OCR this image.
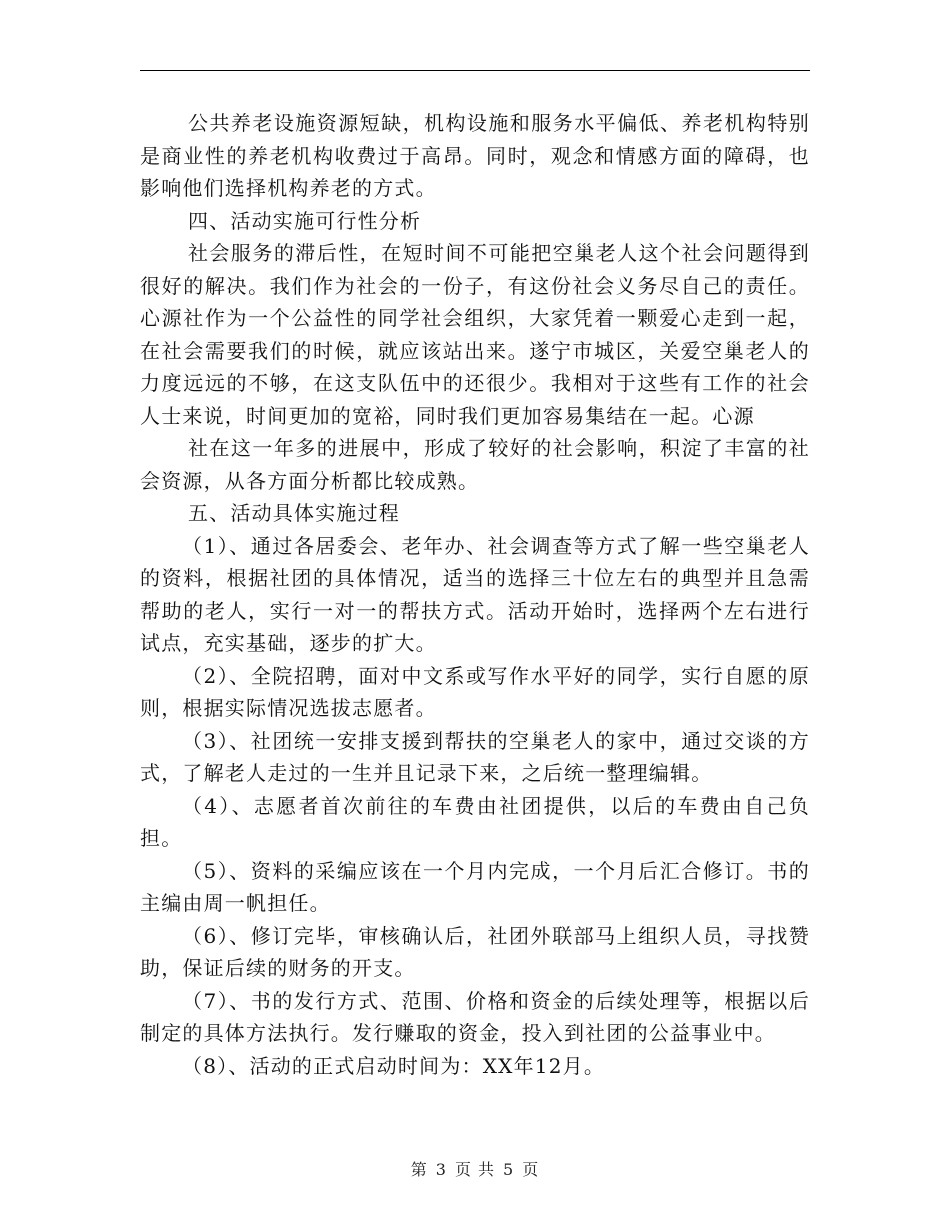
公共养老设施资源短缺，机构设施和服务水平偏低、养老机构特别是商业性的养老机构收费过于高昂。同时，观念和情感方面的障碍，也影响他们选择机构养老的方式。

四、活动实施可行性分析

社会服务的滞后性，在短时间不可能把空巢老人这个社会问题得到很好的解决。我们作为社会的一份子，有这份社会义务尽自己的责任。心源社作为一个公益性的同学社会组织，大家凭着一颗爱心走到一起，在社会需要我们的时候，就应该站出来。遂宁市城区，关爱空巢老人的力度远远的不够，在这支队伍中的还很少。我相对于这些有工作的社会人士来说，时间更加的宽裕，同时我们更加容易集结在一起。心源

社在这一年多的进展中，形成了较好的社会影响，积淀了丰富的社会资源，从各方面分析都比较成熟。

五、活动具体实施过程

（1）、通过各居委会、老年办、社会调查等方式了解一些空巢老人的资料，根据社团的具体情况，适当的选择三十位左右的典型并且急需帮助的老人，实行一对一的帮扶方式。活动开始时，选择两个左右进行试点，充实基础，逐步的扩大。

（2）、全院招聘，面对中文系或写作水平好的同学，实行自愿的原则，根据实际情况选拔志愿者。

（3）、社团统一安排支援到帮扶的空巢老人的家中，通过交谈的方式，了解老人走过的一生并且记录下来，之后统一整理编辑。

（4）、志愿者首次前往的车费由社团提供，以后的车费由自己负担。

（5）、资料的采编应该在一个月内完成，一个月后汇合修订。书的主编由周一帆担任。

（6）、修订完毕，审核确认后，社团外联部马上组织人员，寻找赞助，保证后续的财务的开支。

（7）、书的发行方式、范围、价格和资金的后续处理等，根据以后制定的具体方法执行。发行赚取的资金，投入到社团的公益事业中。

（8）、活动的正式启动时间为：XX年12月。

第 3 页 共 5 页
